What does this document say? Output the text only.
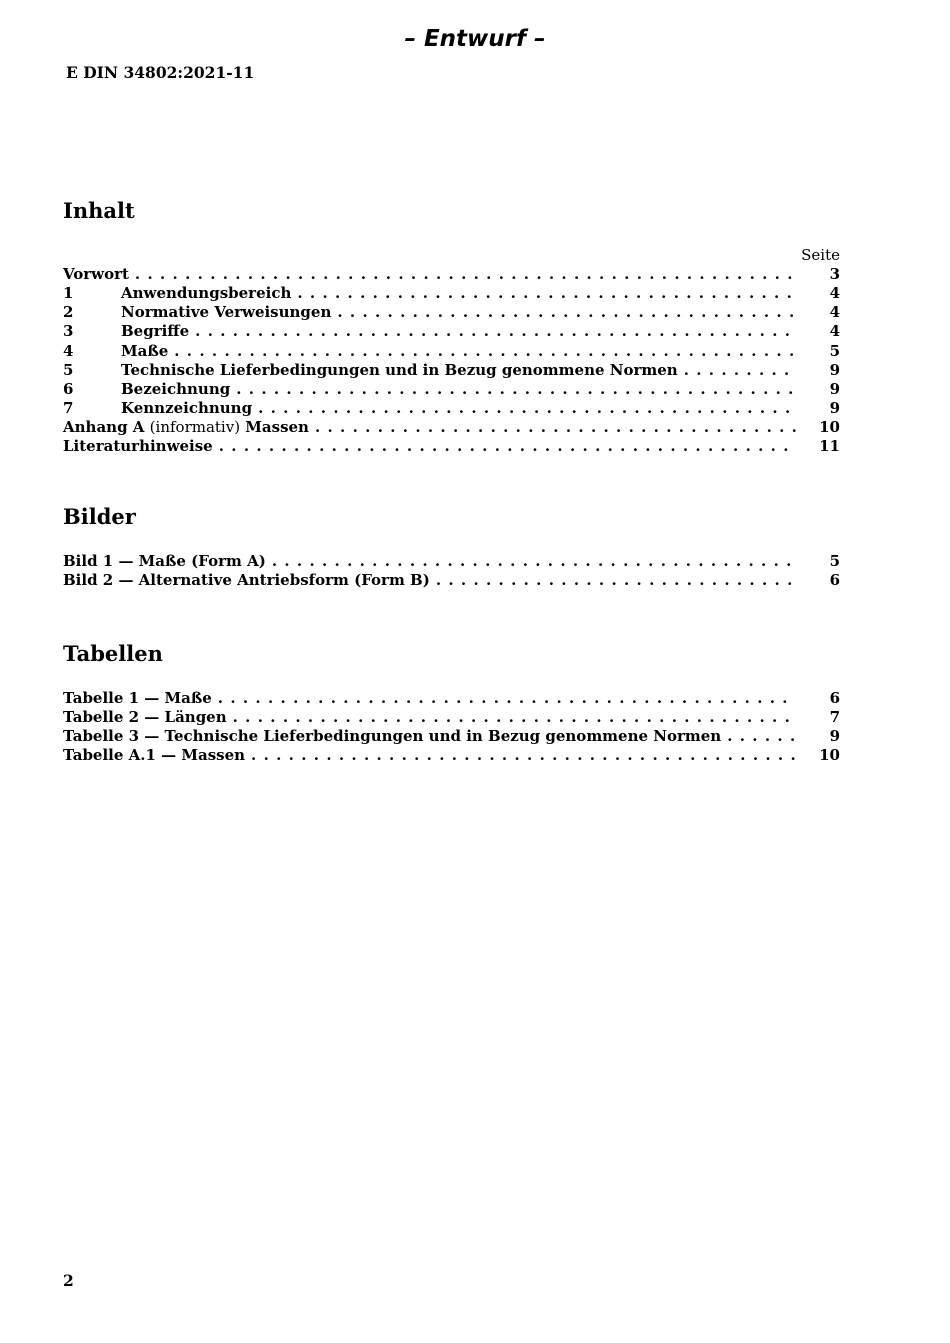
– Entwurf –
E DIN 34802:2021-11
Inhalt
Seite
Vorwort . . .	3
1	Anwendungsbereich . . .	4
2	Normative Verweisungen . . .	4
3	Begriffe . . .	4
4	Maße . . .	5
5	Technische Lieferbedingungen und in Bezug genommene Normen . . .	9
6	Bezeichnung . . .	9
7	Kennzeichnung . . .	9
Anhang A (informativ) Massen . . .	10
Literaturhinweise . . .	11
Bilder
Bild 1 — Maße (Form A) . . .	5
Bild 2 — Alternative Antriebsform (Form B) . . .	6
Tabellen
Tabelle 1 — Maße . . .	6
Tabelle 2 — Längen . . .	7
Tabelle 3 — Technische Lieferbedingungen und in Bezug genommene Normen . . .	9
Tabelle A.1 — Massen . . .	10
2
